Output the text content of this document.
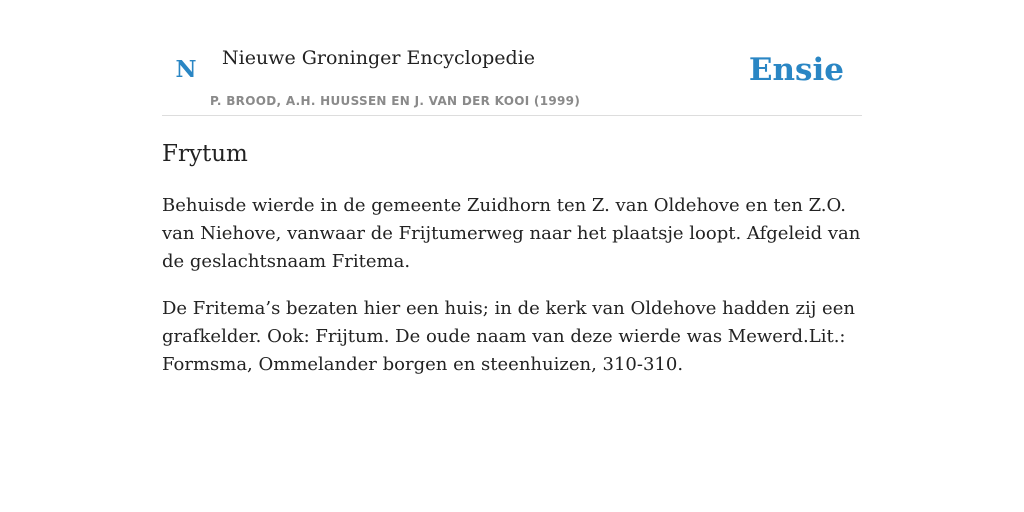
N	Nieuwe Groninger Encyclopedie
P. BROOD, A.H. HUUSSEN EN J. VAN DER KOOI (1999)
Ensie
Frytum

Behuisde wierde in de gemeente Zuidhorn ten Z. van Oldehove en ten Z.O. van Niehove, vanwaar de Frijtumerweg naar het plaatsje loopt. Afgeleid van de geslachtsnaam Fritema.

De Fritema’s bezaten hier een huis; in de kerk van Oldehove hadden zij een grafkelder. Ook: Frijtum. De oude naam van deze wierde was Mewerd.Lit.: Formsma, Ommelander borgen en steenhuizen, 310-310.
